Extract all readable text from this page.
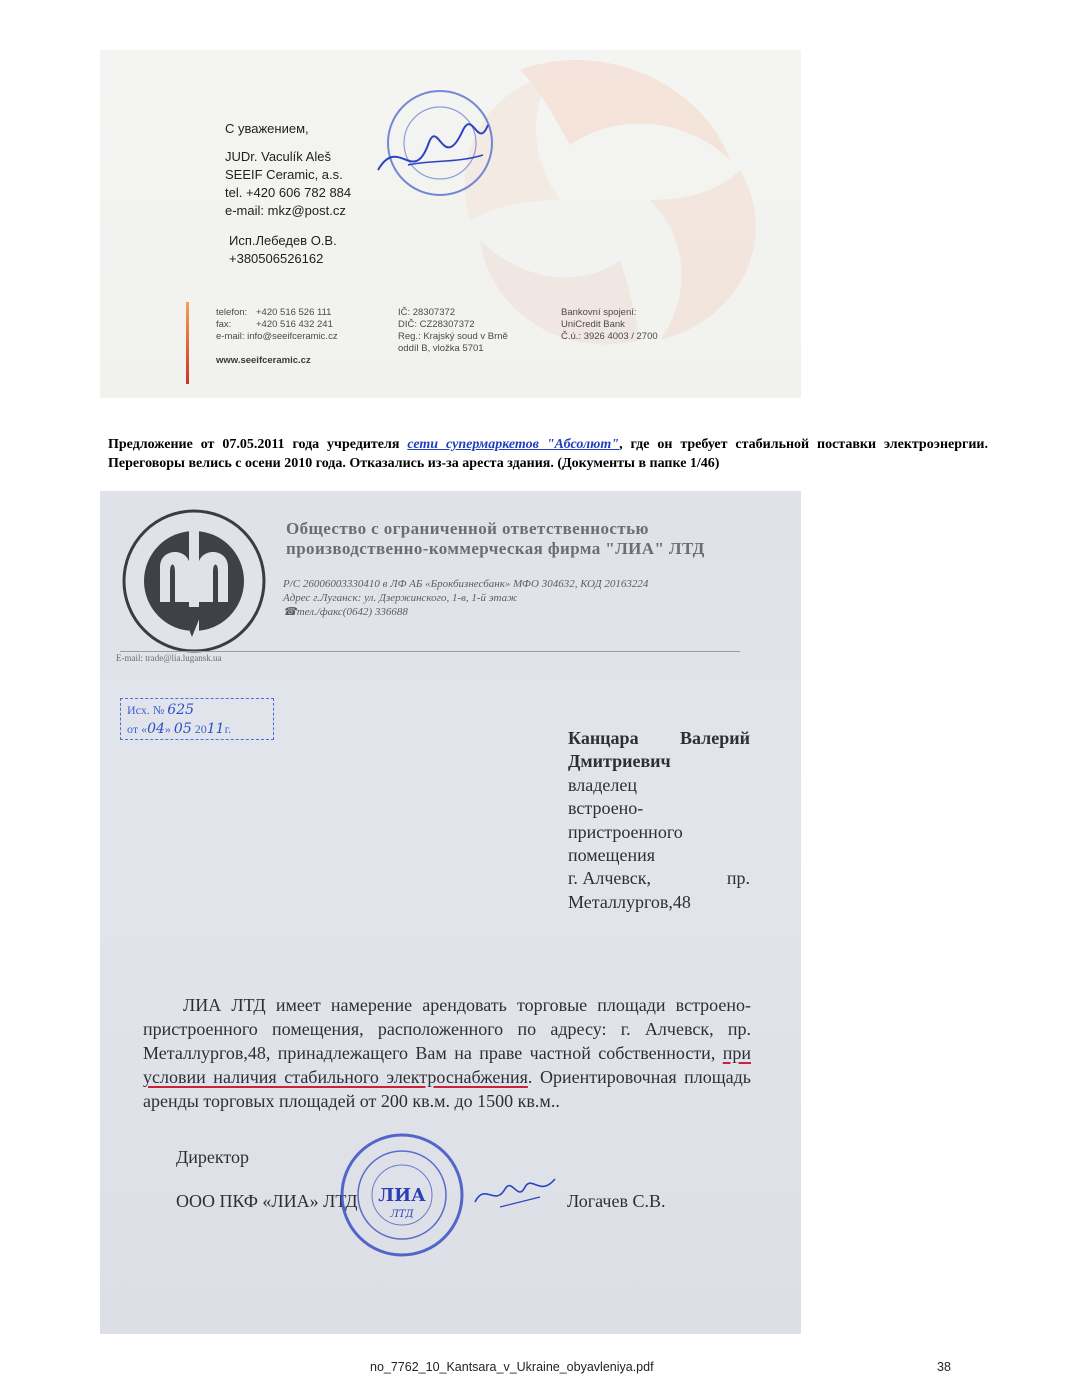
С уважением,
JUDr. Vaculík Aleš
SEEIF Ceramic, a.s.
tel. +420 606 782 884
e-mail: mkz@post.cz
Исп.Лебедев О.В.
+380506526162
telefon: +420 516 526 111
fax:	+420 516 432 241
e-mail: info@seeifceramic.cz
www.seeifceramic.cz
IČ: 28307372
DIČ: CZ28307372
Reg.: Krajský soud v Brně
oddíl B, vložka 5701
Bankovní spojení:
UniCredit Bank
Č.ú.: 3926 4003 / 2700
Предложение от 07.05.2011 года учредителя сети супермаркетов "Абсолют", где он требует стабильной поставки электроэнергии. Переговоры велись с осени 2010 года. Отказались из-за ареста здания. (Документы в папке 1/46)
Общество с ограниченной ответственностью
производственно-коммерческая фирма "ЛИА" ЛТД
Р/С 26006003330410 в ЛФ АБ «Брокбизнесбанк» МФО 304632, КОД 20163224
Адрес г.Луганск: ул. Дзержинского, 1-в, 1-й этаж
☎тел./факс(0642) 336688
E-mail: trade@lia.lugansk.ua
Исх. № 625
от «04» 05 2011г.	Канцара Валерий
Дмитриевич
владелец
встроено-
пристроенного
помещения
г. Алчевск,	пр.
Металлургов,48
ЛИА ЛТД имеет намерение арендовать торговые площади встроено-пристроенного помещения, расположенного по адресу: г. Алчевск, пр. Металлургов,48, принадлежащего Вам на праве частной собственности, при условии наличия стабильного электроснабжения. Ориентировочная площадь аренды торговых площадей от 200 кв.м. до 1500 кв.м..
Директор
ООО ПКФ «ЛИА» ЛТД	Логачев С.В.
ЛИА
ЛТД
no_7762_10_Kantsara_v_Ukraine_obyavleniya.pdf	38
